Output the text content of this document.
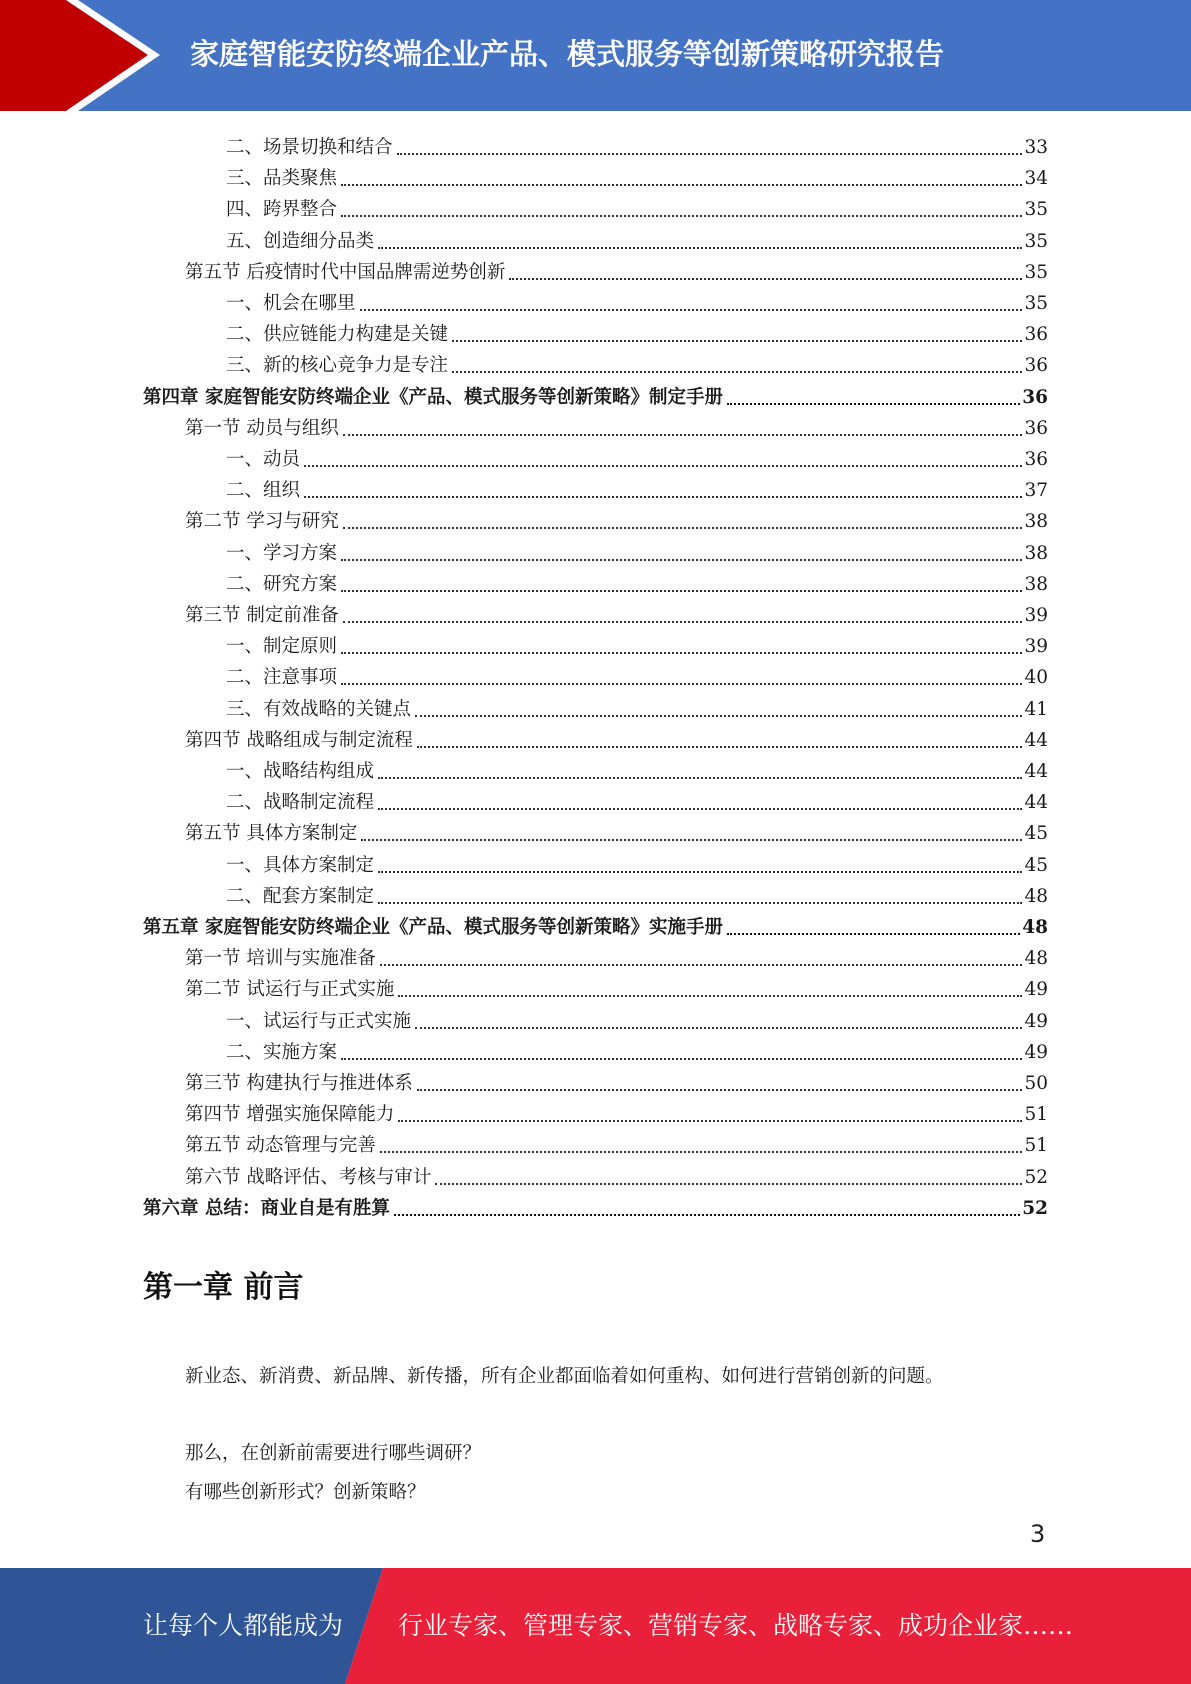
家庭智能安防终端企业产品、模式服务等创新策略研究报告
二、场景切换和结合	33
三、品类聚焦	34
四、跨界整合	35
五、创造细分品类	35
第五节 后疫情时代中国品牌需逆势创新	35
一、机会在哪里	35
二、供应链能力构建是关键	36
三、新的核心竞争力是专注	36
第四章 家庭智能安防终端企业《产品、模式服务等创新策略》制定手册	36
第一节 动员与组织	36
一、动员	36
二、组织	37
第二节 学习与研究	38
一、学习方案	38
二、研究方案	38
第三节 制定前准备	39
一、制定原则	39
二、注意事项	40
三、有效战略的关键点	41
第四节 战略组成与制定流程	44
一、战略结构组成	44
二、战略制定流程	44
第五节 具体方案制定	45
一、具体方案制定	45
二、配套方案制定	48
第五章 家庭智能安防终端企业《产品、模式服务等创新策略》实施手册	48
第一节 培训与实施准备	48
第二节 试运行与正式实施	49
一、试运行与正式实施	49
二、实施方案	49
第三节 构建执行与推进体系	50
第四节 增强实施保障能力	51
第五节 动态管理与完善	51
第六节 战略评估、考核与审计	52
第六章 总结：商业自是有胜算	52
第一章 前言
新业态、新消费、新品牌、新传播，所有企业都面临着如何重构、如何进行营销创新的问题。
那么，在创新前需要进行哪些调研？
有哪些创新形式？创新策略？
3
让每个人都能成为 行业专家、管理专家、营销专家、战略专家、成功企业家……
